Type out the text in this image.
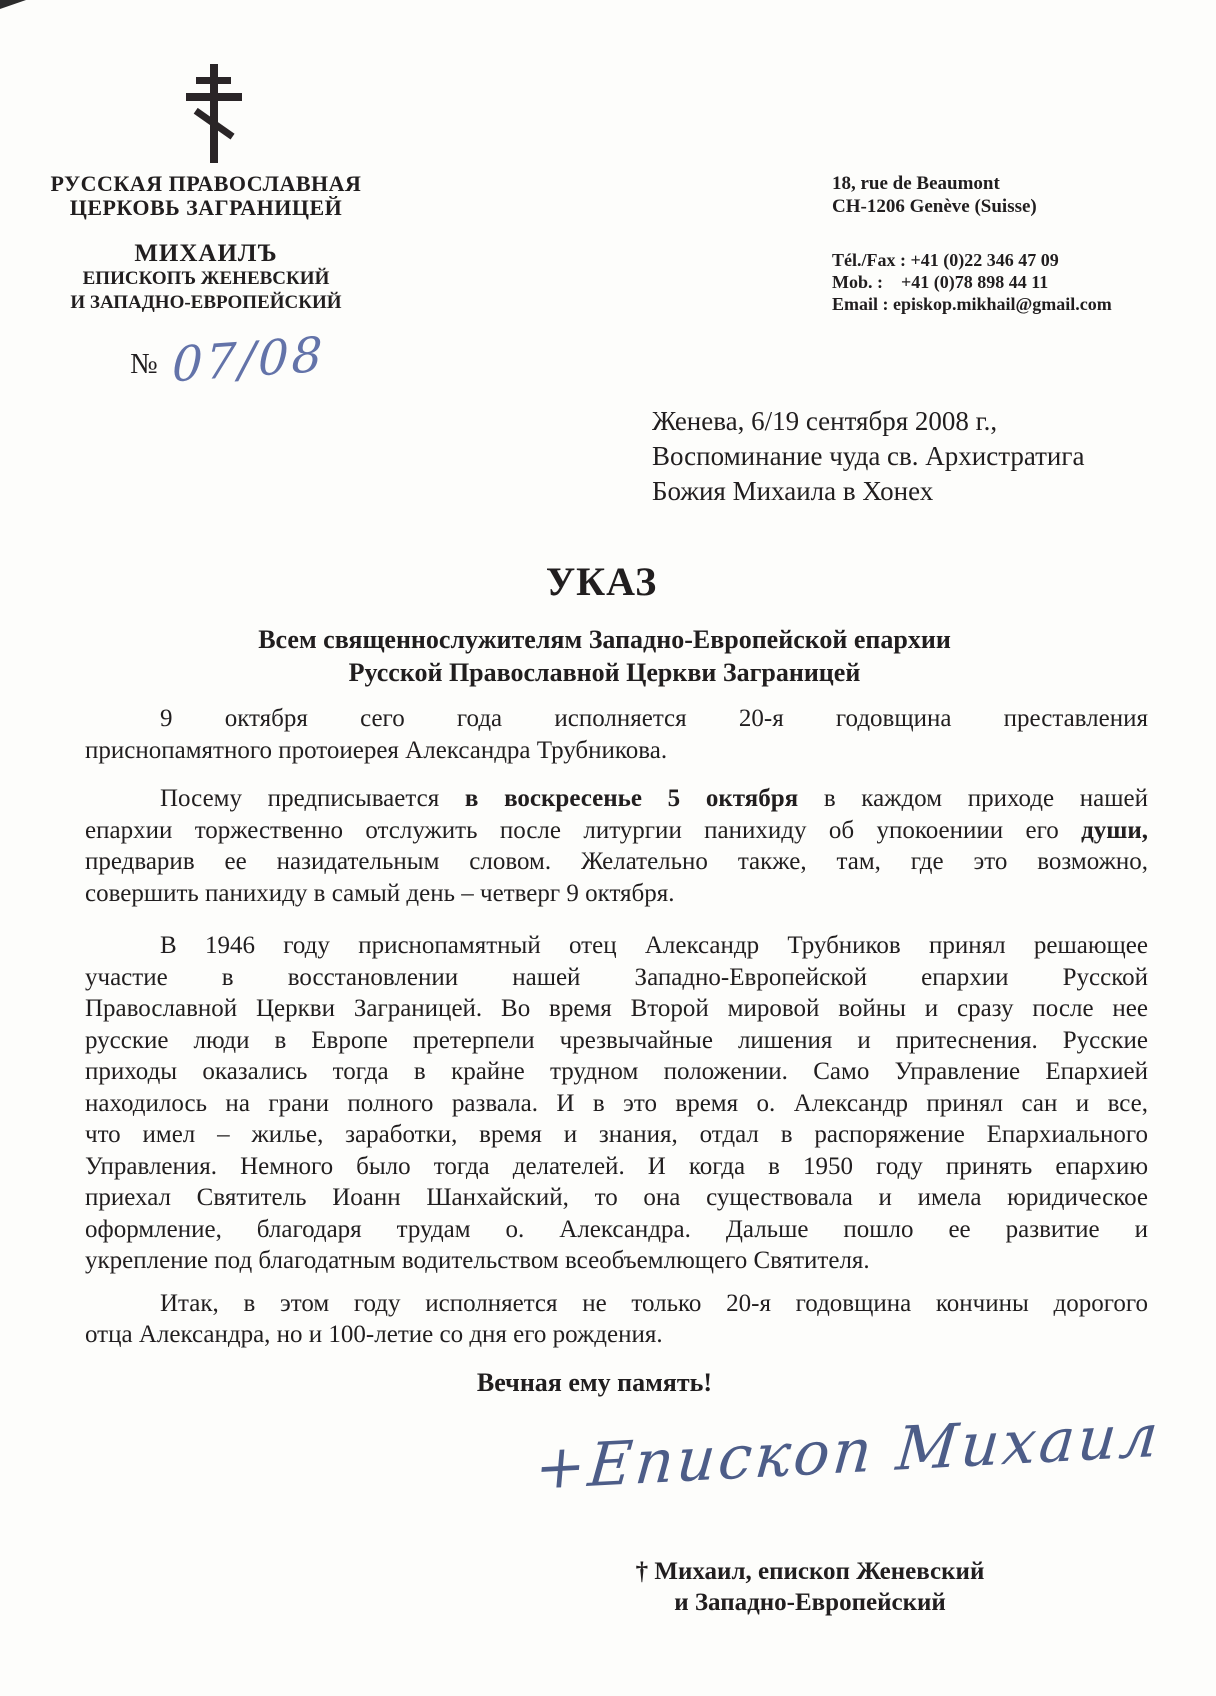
РУССКАЯ ПРАВОСЛАВНАЯ
ЦЕРКОВЬ ЗАГРАНИЦЕЙ
МИХАИЛЪ
ЕПИСКОПЪ ЖЕНЕВСКИЙ
И ЗАПАДНО-ЕВРОПЕЙСКИЙ
18, rue de Beaumont
CH-1206 Genève (Suisse)
Tél./Fax : +41 (0)22 346 47 09
Mob. :    +41 (0)78 898 44 11
Email : episkop.mikhail@gmail.com
№ 07/08
Женева, 6/19 сентября 2008 г.,
Воспоминание чуда св. Архистратига
Божия Михаила в Хонех
УКАЗ
Всем священнослужителям Западно-Европейской епархии
Русской Православной Церкви Заграницей
9 октября сего года исполняется 20-я годовщина преставления
приснопамятного протоиерея Александра Трубникова.
Посему предписывается в воскресенье 5 октября в каждом приходе нашей
епархии торжественно отслужить после литургии панихиду об упокоениии его души,
предварив ее назидательным словом. Желательно также, там, где это возможно,
совершить панихиду в самый день – четверг 9 октября.
В 1946 году приснопамятный отец Александр Трубников принял решающее
участие в восстановлении нашей Западно-Европейской епархии Русской
Православной Церкви Заграницей. Во время Второй мировой войны и сразу после нее
русские люди в Европе претерпели чрезвычайные лишения и притеснения. Русские
приходы оказались тогда в крайне трудном положении. Само Управление Епархией
находилось на грани полного развала. И в это время о. Александр принял сан и все,
что имел – жилье, заработки, время и знания, отдал в распоряжение Епархиального
Управления. Немного было тогда делателей. И когда в 1950 году принять епархию
приехал Святитель Иоанн Шанхайский, то она существовала и имела юридическое
оформление, благодаря трудам о. Александра. Дальше пошло ее развитие и
укрепление под благодатным водительством всеобъемлющего Святителя.
Итак, в этом году исполняется не только 20-я годовщина кончины дорогого
отца Александра, но и 100-летие со дня его рождения.
Вечная ему память!
+Епископ Михаил
† Михаил, епископ Женевский
и Западно-Европейский
